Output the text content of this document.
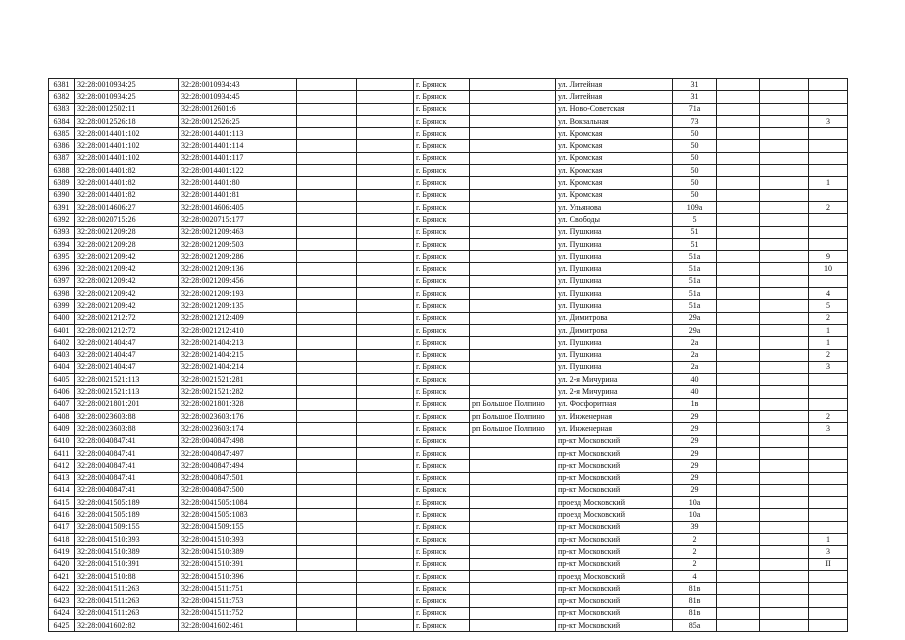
6381	32:28:0010934:25	32:28:0010934:43			г. Брянск		ул. Литейная	31			
6382	32:28:0010934:25	32:28:0010934:45			г. Брянск		ул. Литейная	31			
6383	32:28:0012502:11	32:28:0012601:6			г. Брянск		ул. Ново-Советская	71а			
6384	32:28:0012526:18	32:28:0012526:25			г. Брянск		ул. Вокзальная	73			3
6385	32:28:0014401:102	32:28:0014401:113			г. Брянск		ул. Кромская	50			
6386	32:28:0014401:102	32:28:0014401:114			г. Брянск		ул. Кромская	50			
6387	32:28:0014401:102	32:28:0014401:117			г. Брянск		ул. Кромская	50			
6388	32:28:0014401:82	32:28:0014401:122			г. Брянск		ул. Кромская	50			
6389	32:28:0014401:82	32:28:0014401:80			г. Брянск		ул. Кромская	50			1
6390	32:28:0014401:82	32:28:0014401:81			г. Брянск		ул. Кромская	50			
6391	32:28:0014606:27	32:28:0014606:405			г. Брянск		ул. Ульянова	109а			2
6392	32:28:0020715:26	32:28:0020715:177			г. Брянск		ул. Свободы	5			
6393	32:28:0021209:28	32:28:0021209:463			г. Брянск		ул. Пушкина	51			
6394	32:28:0021209:28	32:28:0021209:503			г. Брянск		ул. Пушкина	51			
6395	32:28:0021209:42	32:28:0021209:286			г. Брянск		ул. Пушкина	51а			9
6396	32:28:0021209:42	32:28:0021209:136			г. Брянск		ул. Пушкина	51а			10
6397	32:28:0021209:42	32:28:0021209:456			г. Брянск		ул. Пушкина	51а			
6398	32:28:0021209:42	32:28:0021209:193			г. Брянск		ул. Пушкина	51а			4
6399	32:28:0021209:42	32:28:0021209:135			г. Брянск		ул. Пушкина	51а			5
6400	32:28:0021212:72	32:28:0021212:409			г. Брянск		ул. Димитрова	29а			2
6401	32:28:0021212:72	32:28:0021212:410			г. Брянск		ул. Димитрова	29а			1
6402	32:28:0021404:47	32:28:0021404:213			г. Брянск		ул. Пушкина	2а			1
6403	32:28:0021404:47	32:28:0021404:215			г. Брянск		ул. Пушкина	2а			2
6404	32:28:0021404:47	32:28:0021404:214			г. Брянск		ул. Пушкина	2а			3
6405	32:28:0021521:113	32:28:0021521:281			г. Брянск		ул. 2-я Мичурина	40			
6406	32:28:0021521:113	32:28:0021521:282			г. Брянск		ул. 2-я Мичурина	40			
6407	32:28:0021801:201	32:28:0021801:328			г. Брянск	рп Большое Полпино	ул. Фосфоритная	1в			
6408	32:28:0023603:88	32:28:0023603:176			г. Брянск	рп Большое Полпино	ул. Инженерная	29			2
6409	32:28:0023603:88	32:28:0023603:174			г. Брянск	рп Большое Полпино	ул. Инженерная	29			3
6410	32:28:0040847:41	32:28:0040847:498			г. Брянск		пр-кт Московский	29			
6411	32:28:0040847:41	32:28:0040847:497			г. Брянск		пр-кт Московский	29			
6412	32:28:0040847:41	32:28:0040847:494			г. Брянск		пр-кт Московский	29			
6413	32:28:0040847:41	32:28:0040847:501			г. Брянск		пр-кт Московский	29			
6414	32:28:0040847:41	32:28:0040847:500			г. Брянск		пр-кт Московский	29			
6415	32:28:0041505:189	32:28:0041505:1084			г. Брянск		проезд Московский	10а			
6416	32:28:0041505:189	32:28:0041505:1083			г. Брянск		проезд Московский	10а			
6417	32:28:0041509:155	32:28:0041509:155			г. Брянск		пр-кт Московский	39			
6418	32:28:0041510:393	32:28:0041510:393			г. Брянск		пр-кт Московский	2			1
6419	32:28:0041510:389	32:28:0041510:389			г. Брянск		пр-кт Московский	2			3
6420	32:28:0041510:391	32:28:0041510:391			г. Брянск		пр-кт Московский	2			II
6421	32:28:0041510:88	32:28:0041510:396			г. Брянск		проезд Московский	4			
6422	32:28:0041511:263	32:28:0041511:751			г. Брянск		пр-кт Московский	81в			
6423	32:28:0041511:263	32:28:0041511:753			г. Брянск		пр-кт Московский	81в			
6424	32:28:0041511:263	32:28:0041511:752			г. Брянск		пр-кт Московский	81в			
6425	32:28:0041602:82	32:28:0041602:461			г. Брянск		пр-кт Московский	85а			
